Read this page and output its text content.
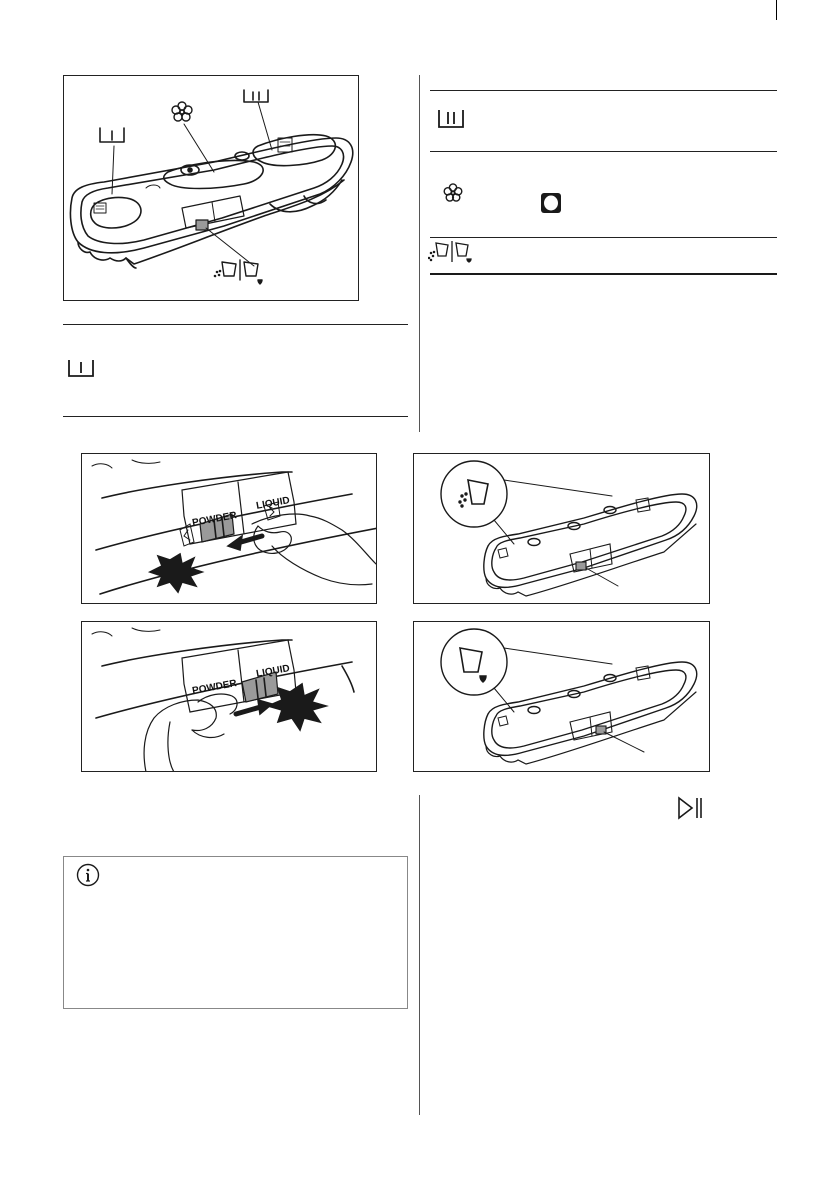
POWDER
LIQUID
POWDER
LIQUID
